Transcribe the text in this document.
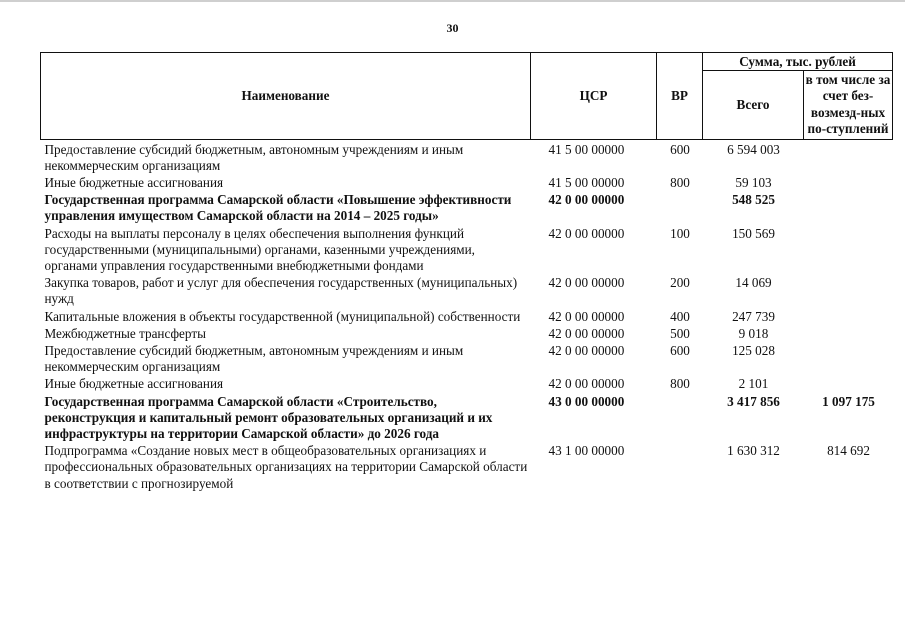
30
Наименование	ЦСР	ВР	Сумма, тыс. рублей	
			Всего	в том числе за счет без-возмезд-ных по-ступлений
Предоставление субсидий бюджетным, автономным учреждениям и иным некоммерческим организациям	41 5 00 00000	600	6 594 003	
Иные бюджетные ассигнования	41 5 00 00000	800	59 103	
Государственная программа Самарской области «Повышение эффективности управления имуществом Самарской области на 2014 – 2025 годы»	42 0 00 00000		548 525	
Расходы на выплаты персоналу в целях обеспечения выполнения функций государственными (муниципальными) органами, казенными учреждениями, органами управления государственными внебюджетными фондами	42 0 00 00000	100	150 569	
Закупка товаров, работ и услуг для обеспечения государственных (муниципальных) нужд	42 0 00 00000	200	14 069	
Капитальные вложения в объекты государственной (муниципальной) собственности	42 0 00 00000	400	247 739	
Межбюджетные трансферты	42 0 00 00000	500	9 018	
Предоставление субсидий бюджетным, автономным учреждениям и иным некоммерческим организациям	42 0 00 00000	600	125 028	
Иные бюджетные ассигнования	42 0 00 00000	800	2 101	
Государственная программа Самарской области «Строительство, реконструкция и капитальный ремонт образовательных организаций и их инфраструктуры на территории Самарской области» до 2026 года	43 0 00 00000		3 417 856	1 097 175
Подпрограмма «Создание новых мест в общеобразовательных организациях и профессиональных образовательных организациях на территории Самарской области в соответствии с прогнозируемой	43 1 00 00000		1 630 312	814 692
